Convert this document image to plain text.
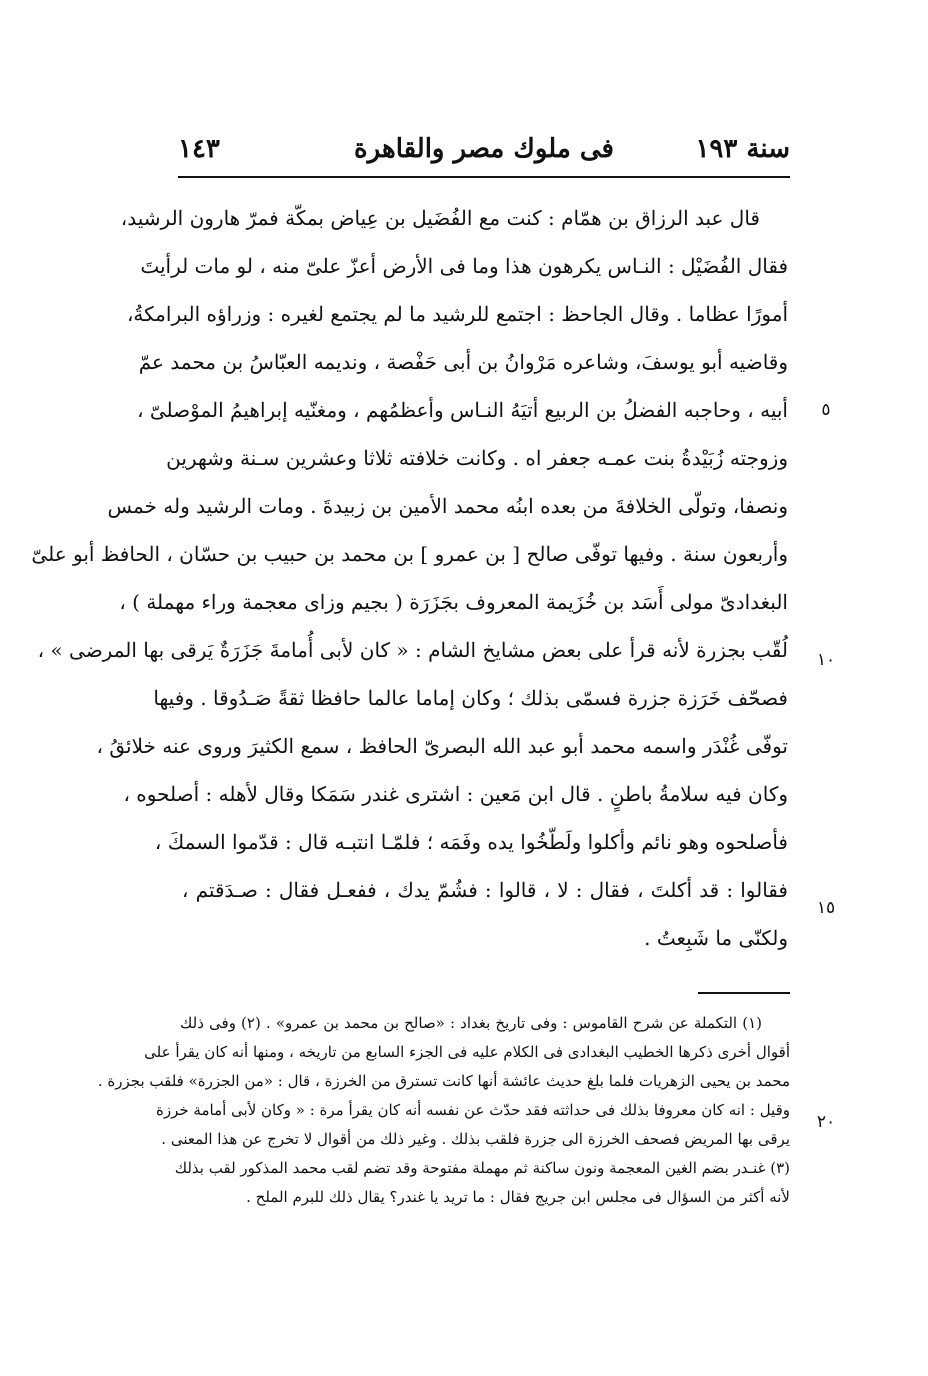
سنة ١٩٣
فى ملوك مصر والقاهرة
١٤٣
قال عبد الرزاق بن همّام : كنت مع الفُضَيل بن عِياض بمكّة فمرّ هارون الرشيد،
فقال الفُضَيْل : النـاس يكرهون هذا وما فى الأرض أعزّ علىّ منه ، لو مات لرأيتَ
أمورًا عظاما . وقال الجاحظ : اجتمع للرشيد ما لم يجتمع لغيره : وزراؤه البرامكةُ،
وقاضيه أبو يوسفَ، وشاعره مَرْوانُ بن أبى حَفْصة ، ونديمه العبّاسُ بن محمد عمّ
أبيه ، وحاجبه الفضلُ بن الربيع أتيَهُ النـاس وأعظمُهم ، ومغنّيه إبراهيمُ الموْصلىّ ،
وزوجته زُبَيْدةُ بنت عمـه جعفر اه . وكانت خلافته ثلاثا وعشرين سـنة وشهرين
ونصفا، وتولّى الخلافةَ من بعده ابنُه محمد الأمين بن زبيدةَ . ومات الرشيد وله خمس
وأربعون سنة . وفيها توفّى صالح [ بن عمرو ] بن محمد بن حبيب بن حسّان ، الحافظ أبو علىّ
البغدادىّ مولى أَسَد بن خُزَيمة المعروف بجَزَرَة ( بجيم وزاى معجمة وراء مهملة ) ،
لُقّب بجزرة لأنه قرأ على بعض مشايخ الشام : « كان لأبى أُمامةَ جَزَرَةٌ يَرقى بها المرضى » ،
فصحّف خَرَزة جزرة فسمّى بذلك ؛ وكان إماما عالما حافظا ثقةً صَـدُوقا . وفيها
توفّى غُنْدَر واسمه محمد أبو عبد الله البصرىّ الحافظ ، سمع الكثيرَ وروى عنه خلائقُ ،
وكان فيه سلامةُ باطنٍ . قال ابن مَعين : اشترى غندر سَمَكا وقال لأهله : أصلحوه ،
فأصلحوه وهو نائم وأكلوا ولَطّخُوا يده وفَمَه ؛ فلمّـا انتبـه قال : قدّموا السمكَ ،
فقالوا : قد أكلتَ ، فقال : لا ، قالوا : فشُمّ يدك ، ففعـل فقال : صـدَقتم ،
ولكنّى ما شَبِعتُ .
٥
١٠
١٥
(١) التكملة عن شرح القاموس : وفى تاريخ بغداد : «صالح بن محمد بن عمرو» . (٢) وفى ذلك
أقوال أخرى ذكرها الخطيب البغدادى فى الكلام عليه فى الجزء السابع من تاريخه ، ومنها أنه كان يقرأ على
محمد بن يحيى الزهريات فلما بلغ حديث عائشة أنها كانت تسترق من الخرزة ، قال : «من الجزرة» فلقب بجزرة .
وقيل : انه كان معروفا بذلك فى حداثته فقد حدّث عن نفسه أنه كان يقرأ مرة : « وكان لأبى أمامة خرزة
يرقى بها المريض فصحف الخرزة الى جزرة فلقب بذلك . وغير ذلك من أقوال لا تخرج عن هذا المعنى .
(٣) غنـدر بضم الغين المعجمة ونون ساكنة ثم مهملة مفتوحة وقد تضم لقب محمد المذكور لقب بذلك
لأنه أكثر من السؤال فى مجلس ابن جريج فقال : ما تريد يا غندر؟ يقال ذلك للبرم الملح .
٢٠
